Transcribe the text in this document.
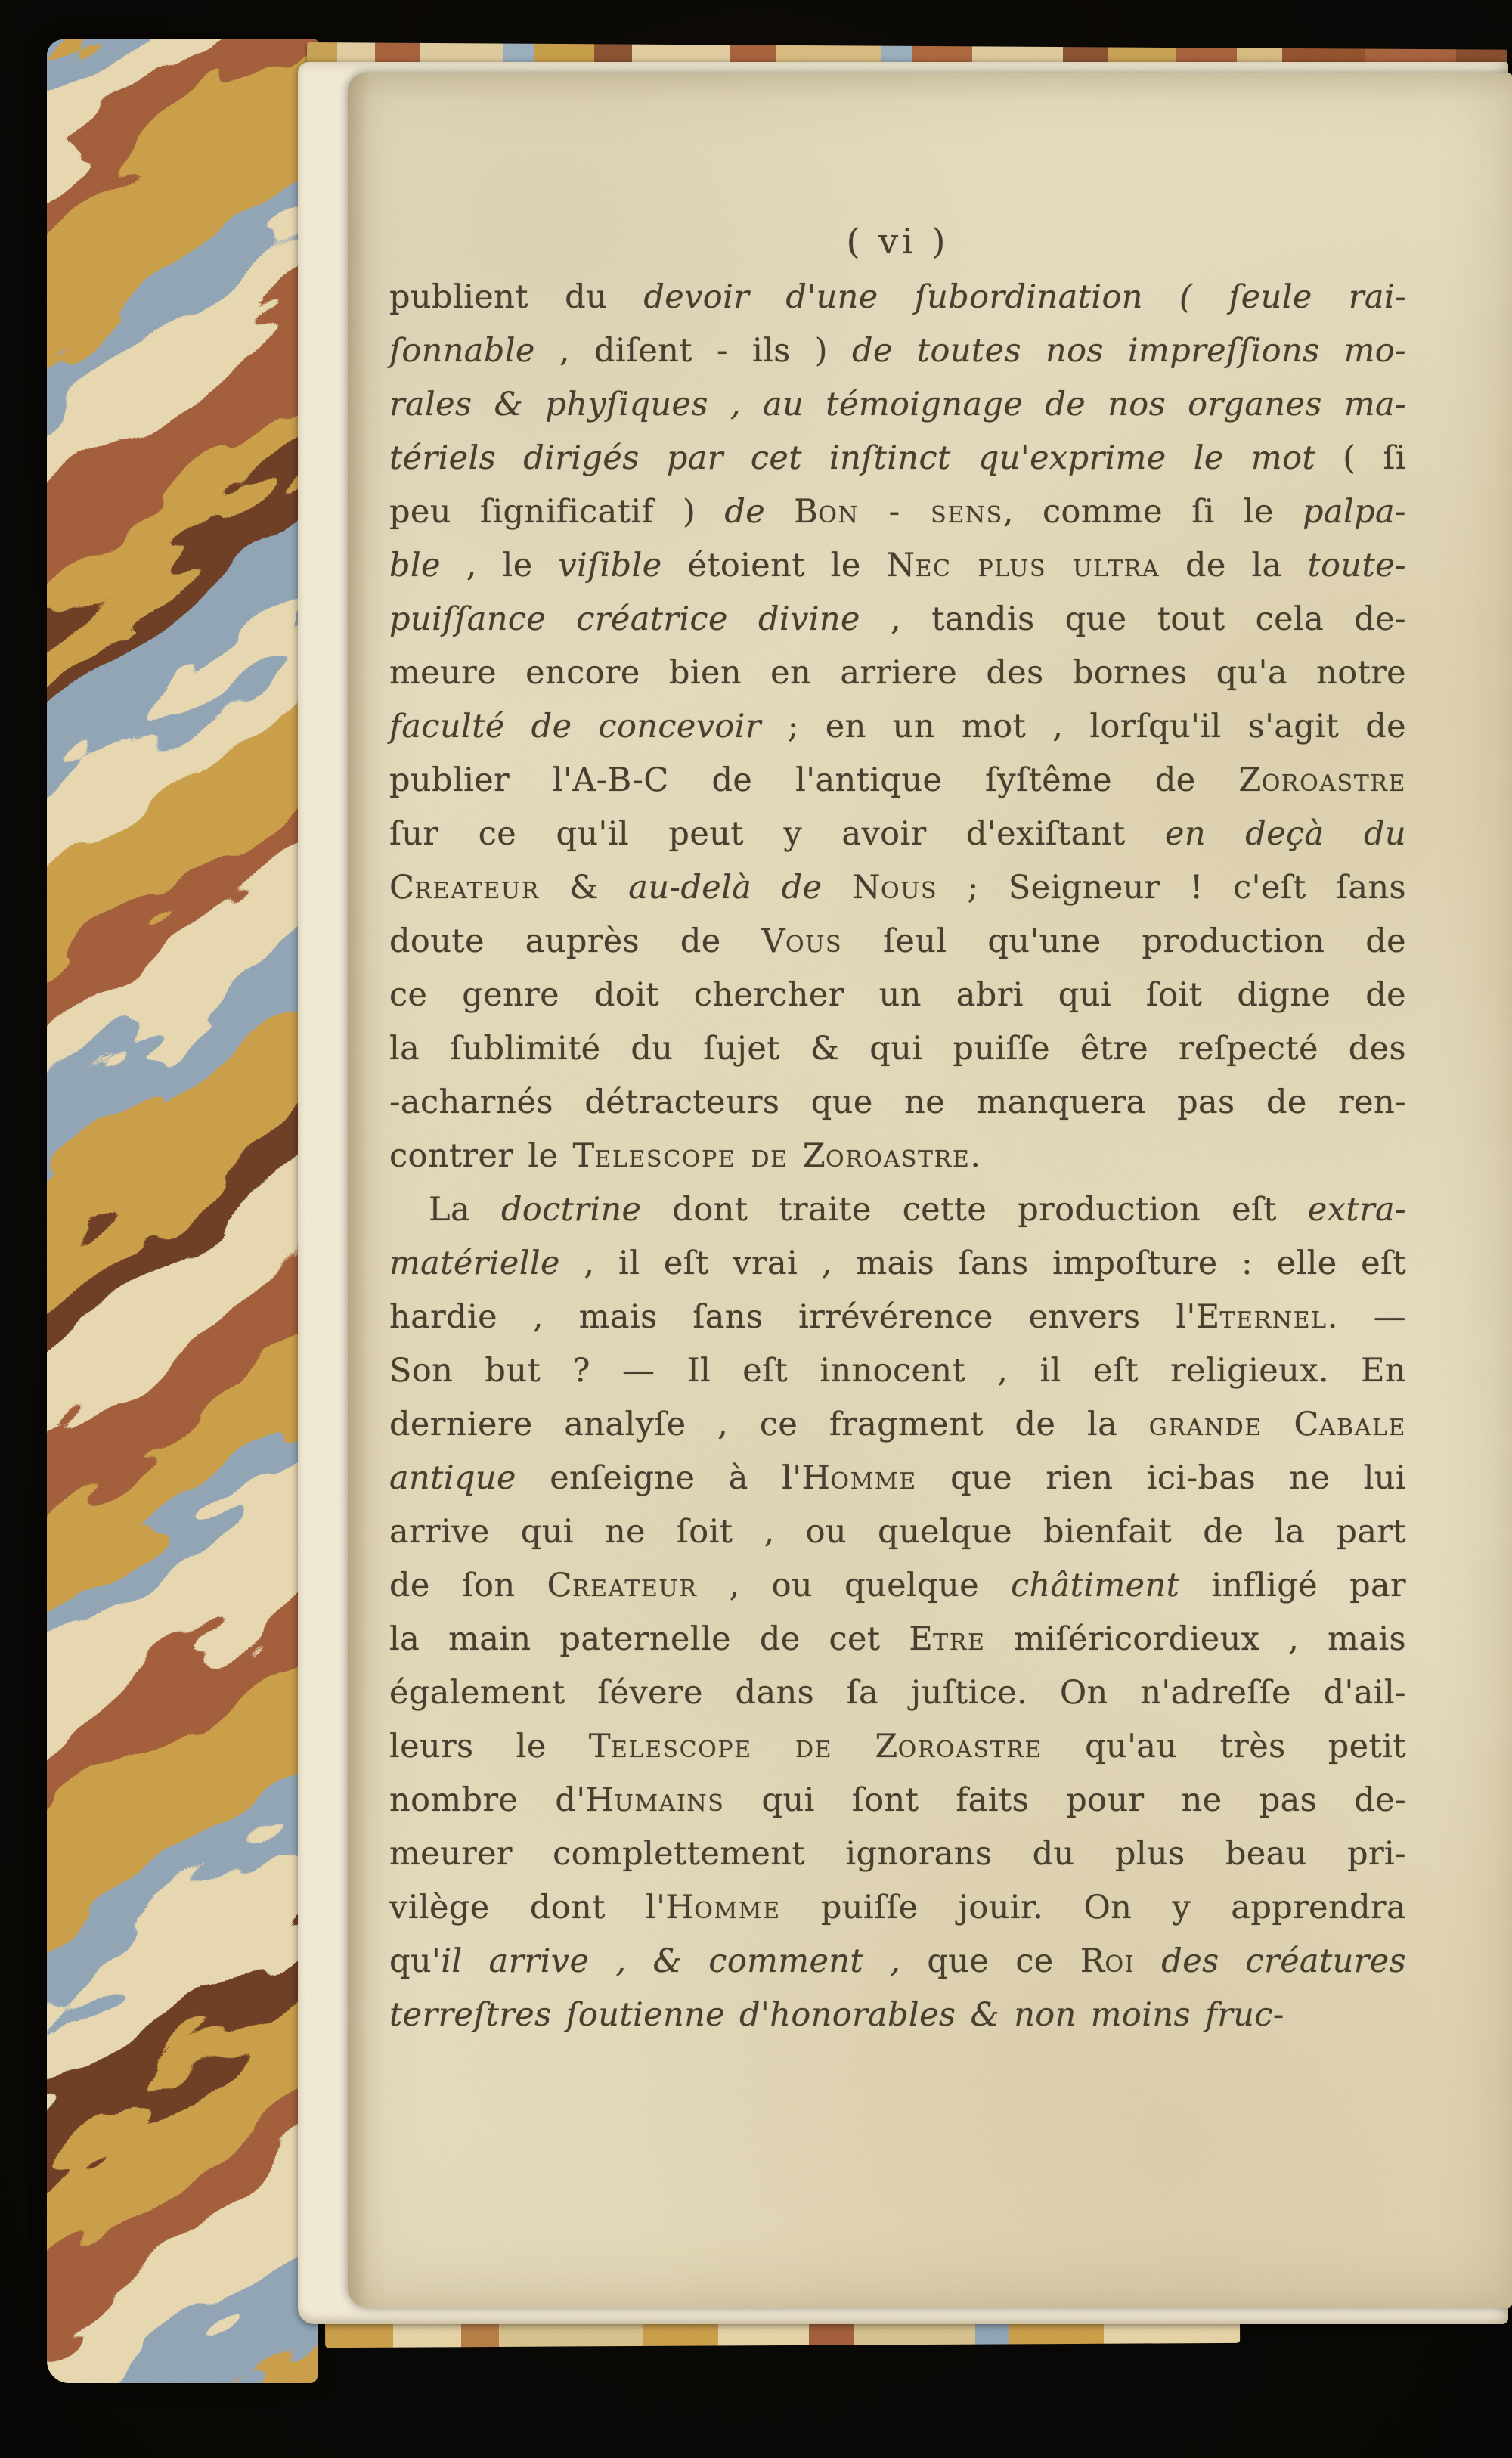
( vi )
publient du devoir d'une ſubordination ( ſeule rai-
ſonnable , diſent - ils ) de toutes nos impreſſions mo-
rales & phyſiques , au témoignage de nos organes ma-
tériels dirigés par cet inſtinct qu'exprime le mot ( ſi
peu ſignificatif ) de Bon - sens, comme ſi le palpa-
ble , le viſible étoient le Nec plus ultra de la toute-
puiſſance créatrice divine , tandis que tout cela de-
meure encore bien en arriere des bornes qu'a notre
faculté de concevoir ; en un mot , lorſqu'il s'agit de
publier l'A-B-C de l'antique ſyſtême de Zoroastre
ſur ce qu'il peut y avoir d'exiſtant en deçà du
Createur & au-delà de Nous ; Seigneur ! c'eſt ſans
doute auprès de Vous ſeul qu'une production de
ce genre doit chercher un abri qui ſoit digne de
la ſublimité du ſujet & qui puiſſe être reſpecté des
-acharnés détracteurs que ne manquera pas de ren-
contrer le Telescope de Zoroastre.
La doctrine dont traite cette production eſt extra-
matérielle , il eſt vrai , mais ſans impoſture : elle eſt
hardie , mais ſans irrévérence envers l'Eternel. —
Son but ? — Il eſt innocent , il eſt religieux. En
derniere analyſe , ce fragment de la grande Cabale
antique enſeigne à l'Homme que rien ici-bas ne lui
arrive qui ne ſoit , ou quelque bienfait de la part
de ſon Createur , ou quelque châtiment infligé par
la main paternelle de cet Etre miſéricordieux , mais
également ſévere dans ſa juſtice. On n'adreſſe d'ail-
leurs le Telescope de Zoroastre qu'au très petit
nombre d'Humains qui ſont faits pour ne pas de-
meurer complettement ignorans du plus beau pri-
vilège dont l'Homme puiſſe jouir. On y apprendra
qu'il arrive , & comment , que ce Roi des créatures
terreſtres ſoutienne d'honorables & non moins fruc-
